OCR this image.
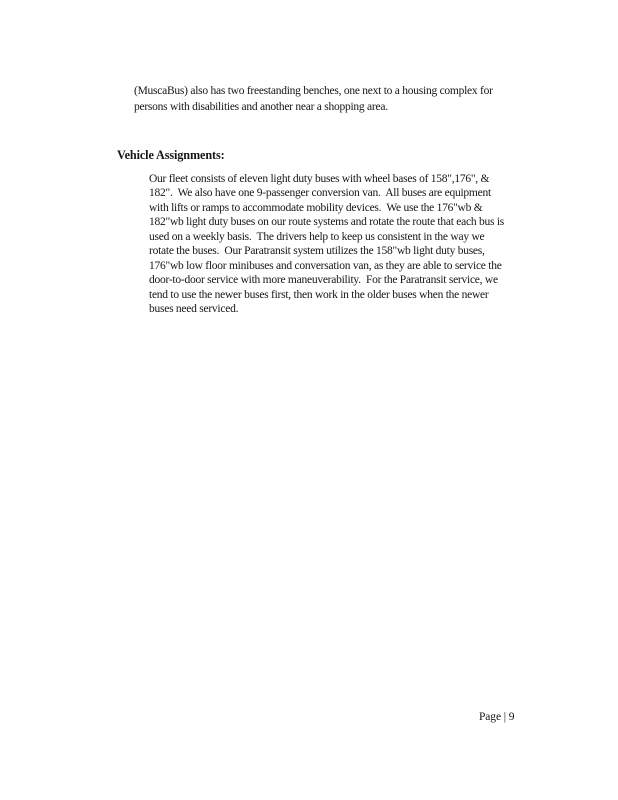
(MuscaBus) also has two freestanding benches, one next to a housing complex for
persons with disabilities and another near a shopping area.
Vehicle Assignments:
Our fleet consists of eleven light duty buses with wheel bases of 158",176", &
182".  We also have one 9-passenger conversion van.  All buses are equipment
with lifts or ramps to accommodate mobility devices.  We use the 176"wb &
182"wb light duty buses on our route systems and rotate the route that each bus is
used on a weekly basis.  The drivers help to keep us consistent in the way we
rotate the buses.  Our Paratransit system utilizes the 158"wb light duty buses,
176"wb low floor minibuses and conversation van, as they are able to service the
door-to-door service with more maneuverability.  For the Paratransit service, we
tend to use the newer buses first, then work in the older buses when the newer
buses need serviced.
Page | 9
